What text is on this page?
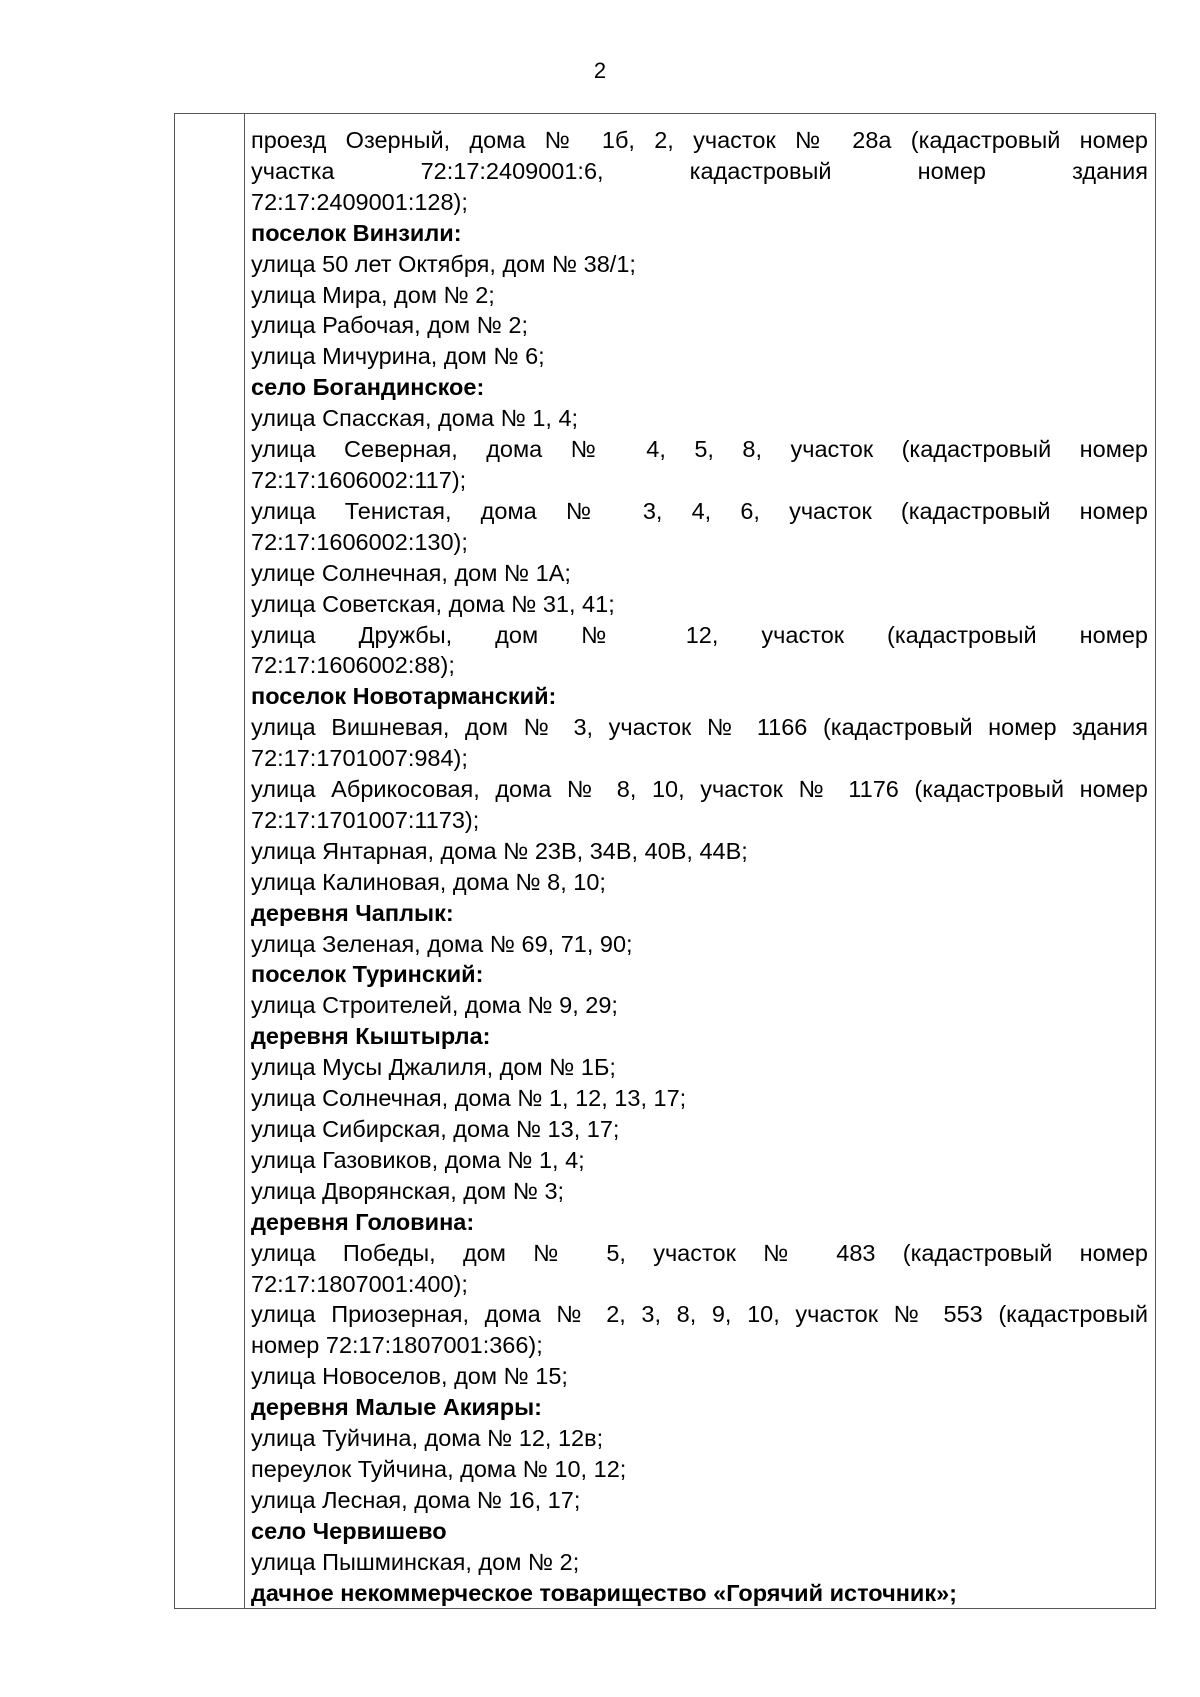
2
проезд Озерный, дома № 1б, 2, участок № 28а (кадастровый номер
участка 72:17:2409001:6, кадастровый номер здания
72:17:2409001:128);
поселок Винзили:
улица 50 лет Октября, дом № 38/1;
улица Мира, дом № 2;
улица Рабочая, дом № 2;
улица Мичурина, дом № 6;
село Богандинское:
улица Спасская, дома № 1, 4;
улица Северная, дома № 4, 5, 8, участок (кадастровый номер
72:17:1606002:117);
улица Тенистая, дома № 3, 4, 6, участок (кадастровый номер
72:17:1606002:130);
улице Солнечная, дом № 1А;
улица Советская, дома № 31, 41;
улица Дружбы, дом № 12, участок (кадастровый номер
72:17:1606002:88);
поселок Новотарманский:
улица Вишневая, дом № 3, участок № 1166 (кадастровый номер здания
72:17:1701007:984);
улица Абрикосовая, дома № 8, 10, участок № 1176 (кадастровый номер
72:17:1701007:1173);
улица Янтарная, дома № 23В, 34В, 40В, 44В;
улица Калиновая, дома № 8, 10;
деревня Чаплык:
улица Зеленая, дома № 69, 71, 90;
поселок Туринский:
улица Строителей, дома № 9, 29;
деревня Кыштырла:
улица Мусы Джалиля, дом № 1Б;
улица Солнечная, дома № 1, 12, 13, 17;
улица Сибирская, дома № 13, 17;
улица Газовиков, дома № 1, 4;
улица Дворянская, дом № 3;
деревня Головина:
улица Победы, дом № 5, участок № 483 (кадастровый номер
72:17:1807001:400);
улица Приозерная, дома № 2, 3, 8, 9, 10, участок № 553 (кадастровый
номер 72:17:1807001:366);
улица Новоселов, дом № 15;
деревня Малые Акияры:
улица Туйчина, дома № 12, 12в;
переулок Туйчина, дома № 10, 12;
улица Лесная, дома № 16, 17;
село Червишево
улица Пышминская, дом № 2;
дачное некоммерческое товарищество «Горячий источник»;
